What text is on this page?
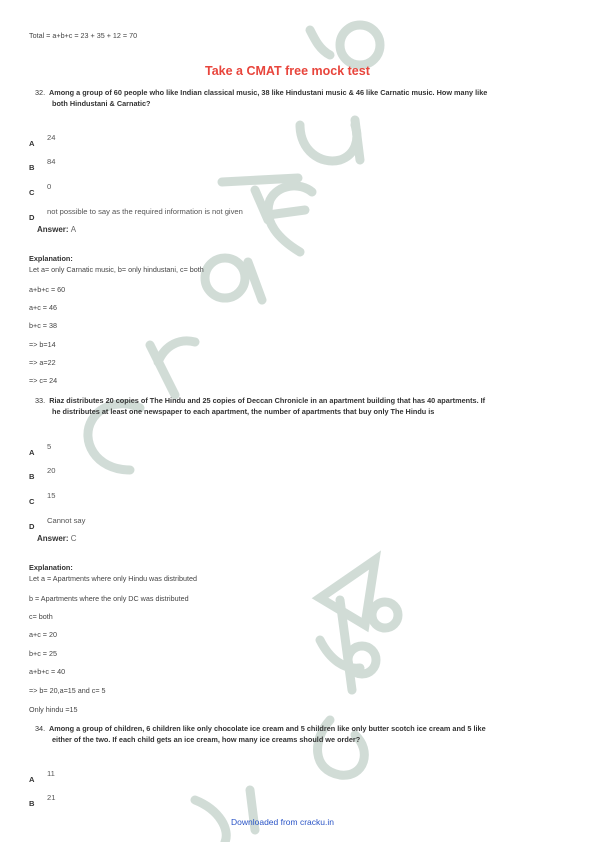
Total = a+b+c = 23 + 35 + 12 = 70
Take a CMAT free mock test
32. Among a group of 60 people who like Indian classical music, 38 like Hindustani music & 46 like Carnatic music. How many like
both Hindustani & Carnatic?
A
24
B
84
C
0
D
not possible to say as the required information is not given
Answer: A
Explanation:
Let a= only Carnatic music, b= only hindustani, c= both
a+b+c = 60
a+c = 46
b+c = 38
=> b=14
=> a=22
=> c= 24
33. Riaz distributes 20 copies of The Hindu and 25 copies of Deccan Chronicle in an apartment building that has 40 apartments. If
he distributes at least one newspaper to each apartment, the number of apartments that buy only The Hindu is
A
5
B
20
C
15
D
Cannot say
Answer: C
Explanation:
Let a = Apartments where only Hindu was distributed
b = Apartments where the only DC was distributed
c= both
a+c = 20
b+c = 25
a+b+c = 40
=> b= 20,a=15 and c= 5
Only hindu =15
34. Among a group of children, 6 children like only chocolate ice cream and 5 children like only butter scotch ice cream and 5 like
either of the two. If each child gets an ice cream, how many ice creams should we order?
A
11
B
21
Downloaded from cracku.in
